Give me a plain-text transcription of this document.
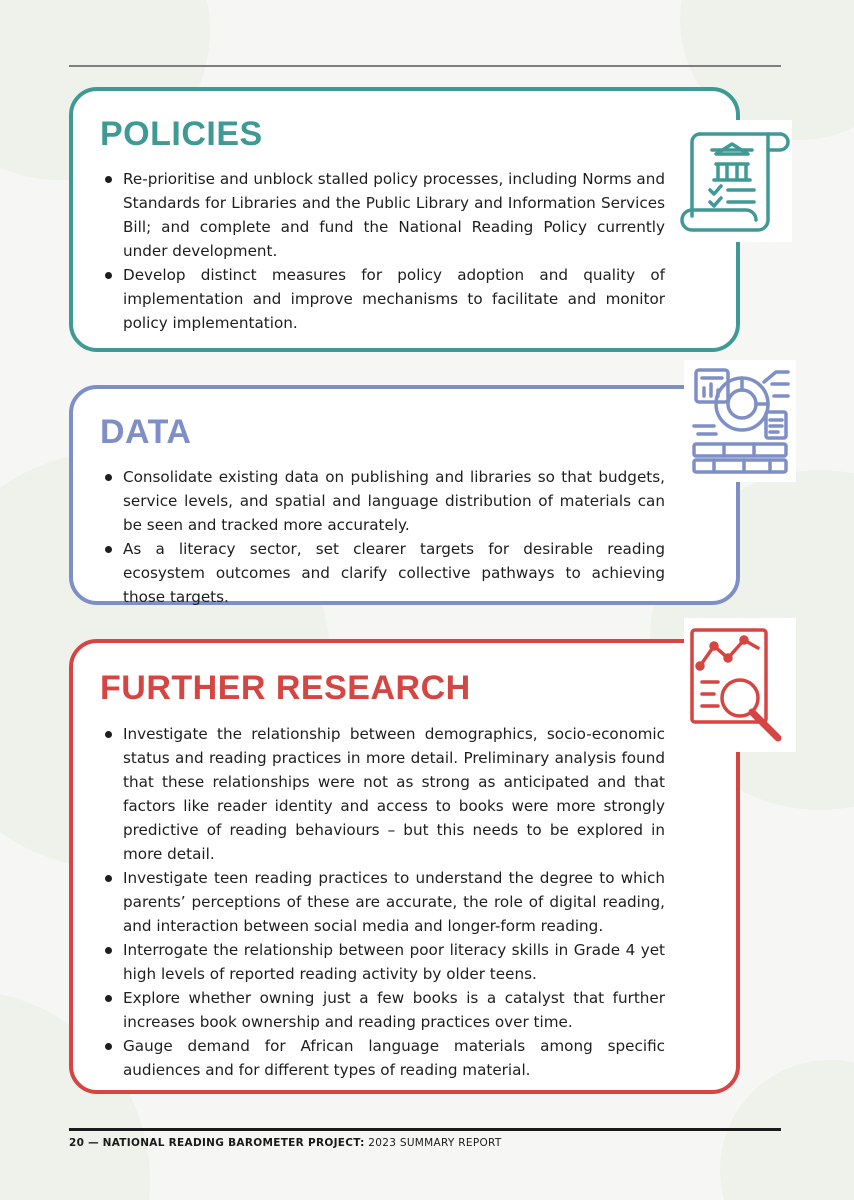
POLICIES
Re-prioritise and unblock stalled policy processes, including Norms and Standards for Libraries and the Public Library and Information Services Bill; and complete and fund the National Reading Policy currently under development.
Develop distinct measures for policy adoption and quality of implementation and improve mechanisms to facilitate and monitor policy implementation.
DATA
Consolidate existing data on publishing and libraries so that budgets, service levels, and spatial and language distribution of materials can be seen and tracked more accurately.
As a literacy sector, set clearer targets for desirable reading ecosystem outcomes and clarify collective pathways to achieving those targets.
FURTHER RESEARCH
Investigate the relationship between demographics, socio-economic status and reading practices in more detail. Preliminary analysis found that these relationships were not as strong as anticipated and that factors like reader identity and access to books were more strongly predictive of reading behaviours – but this needs to be explored in more detail.
Investigate teen reading practices to understand the degree to which parents’ perceptions of these are accurate, the role of digital reading, and interaction between social media and longer-form reading.
Interrogate the relationship between poor literacy skills in Grade 4 yet high levels of reported reading activity by older teens.
Explore whether owning just a few books is a catalyst that further increases book ownership and reading practices over time.
Gauge demand for African language materials among specific audiences and for different types of reading material.
20 — NATIONAL READING BAROMETER PROJECT: 2023 SUMMARY REPORT
